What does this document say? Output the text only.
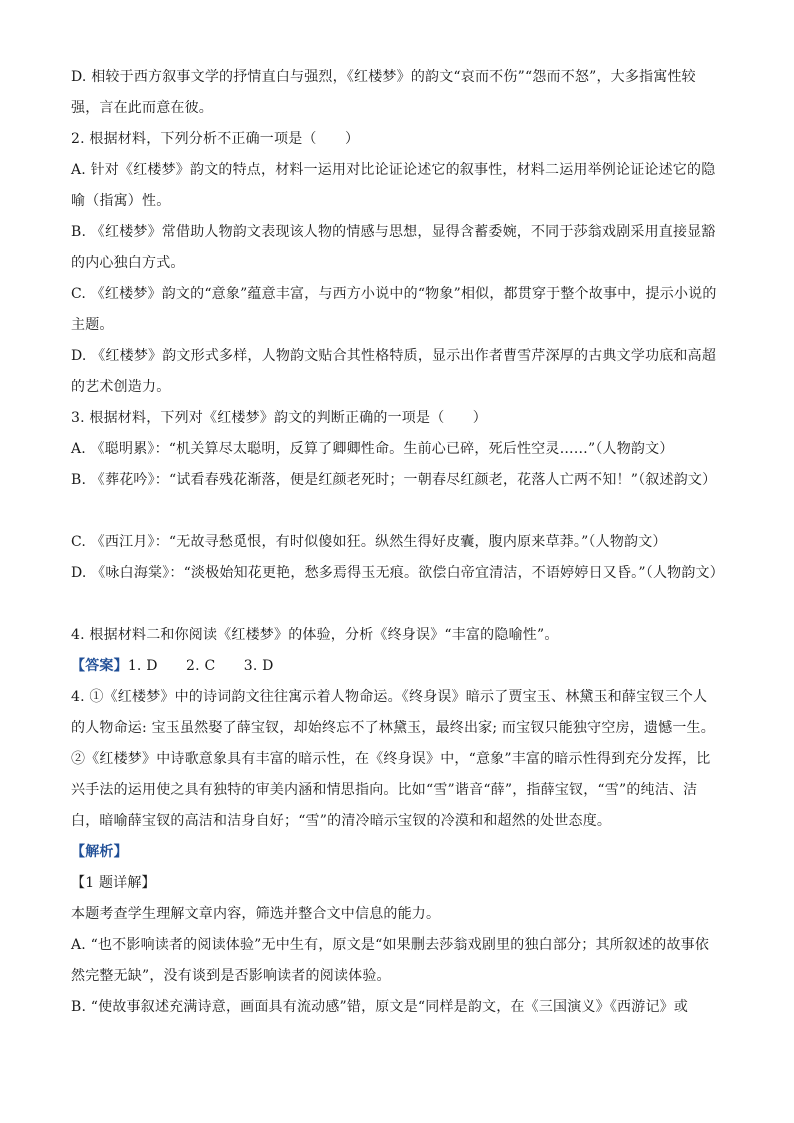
D. 相较于西方叙事文学的抒情直白与强烈，《红楼梦》的韵文“哀而不伤”“怨而不怒”，大多指寓性较强，言在此而意在彼。

2. 根据材料，下列分析不正确一项是（　　）

A. 针对《红楼梦》韵文的特点，材料一运用对比论证论述它的叙事性，材料二运用举例论证论述它的隐喻（指寓）性。

B. 《红楼梦》常借助人物韵文表现该人物的情感与思想，显得含蓄委婉，不同于莎翁戏剧采用直接显豁的内心独白方式。

C. 《红楼梦》韵文的“意象”蕴意丰富，与西方小说中的“物象”相似，都贯穿于整个故事中，提示小说的主题。

D. 《红楼梦》韵文形式多样，人物韵文贴合其性格特质，显示出作者曹雪芹深厚的古典文学功底和高超的艺术创造力。

3. 根据材料，下列对《红楼梦》韵文的判断正确的一项是（　　）

A. 《聪明累》：“机关算尽太聪明，反算了卿卿性命。生前心已碎，死后性空灵……”（人物韵文）

B. 《葬花吟》：“试看春残花渐落，便是红颜老死时；一朝春尽红颜老，花落人亡两不知！”（叙述韵文）

C. 《西江月》：“无故寻愁觅恨，有时似傻如狂。纵然生得好皮囊，腹内原来草莽。”（人物韵文）

D. 《咏白海棠》：“淡极始知花更艳，愁多焉得玉无痕。欲偿白帝宜清洁，不语婷婷日又昏。”（人物韵文）

4. 根据材料二和你阅读《红楼梦》的体验，分析《终身误》“丰富的隐喻性”。

【答案】1. D　　2. C　　3. D

4. ①《红楼梦》中的诗词韵文往往寓示着人物命运。《终身误》暗示了贾宝玉、林黛玉和薛宝钗三个人的人物命运: 宝玉虽然娶了薛宝钗，却始终忘不了林黛玉，最终出家; 而宝钗只能独守空房，遗憾一生。②《红楼梦》中诗歌意象具有丰富的暗示性，在《终身误》中，“意象”丰富的暗示性得到充分发挥，比兴手法的运用使之具有独特的审美内涵和情思指向。比如“雪”谐音“薛”，指薛宝钗，“雪”的纯洁、洁白，暗喻薛宝钗的高洁和洁身自好；“雪”的清冷暗示宝钗的冷漠和和超然的处世态度。

【解析】

【1 题详解】

本题考查学生理解文章内容，筛选并整合文中信息的能力。

A. “也不影响读者的阅读体验”无中生有，原文是“如果删去莎翁戏剧里的独白部分；其所叙述的故事依然完整无缺”，没有谈到是否影响读者的阅读体验。

B. “使故事叙述充满诗意，画面具有流动感”错，原文是“同样是韵文，在《三国演义》《西游记》或
